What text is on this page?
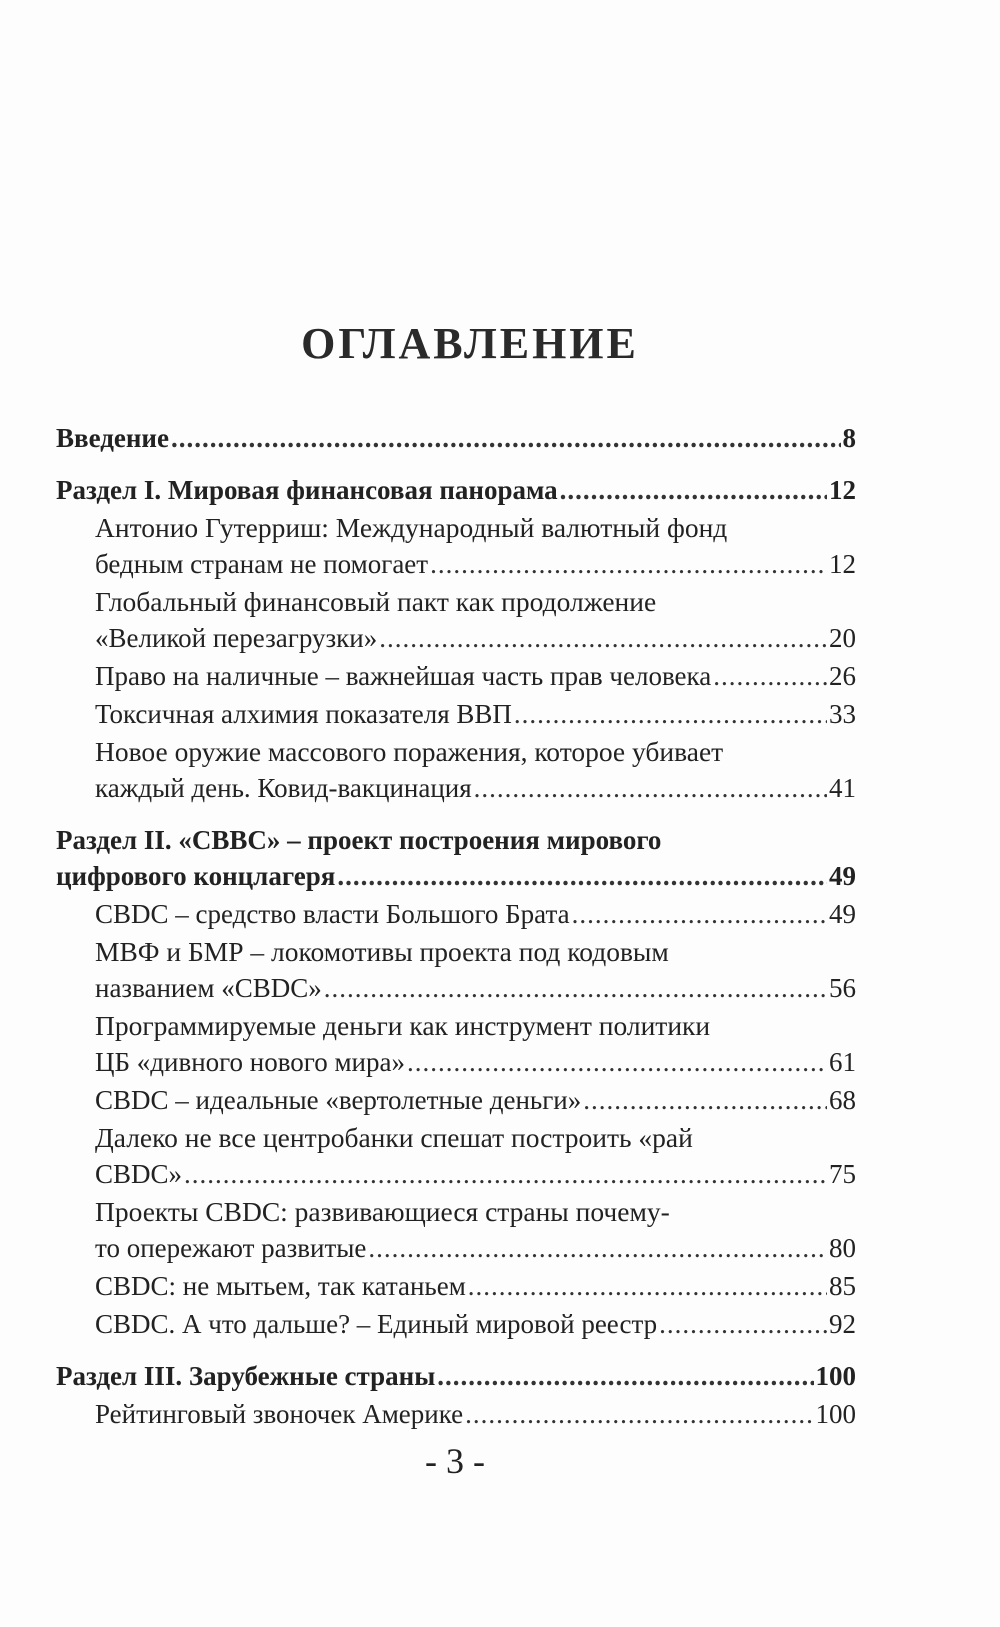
ОГЛАВЛЕНИЕ
Введение .....	8
Раздел I. Мировая финансовая панорама .....	12
Антонио Гутерриш: Международный валютный фонд
бедным странам не помогает .....	12
Глобальный финансовый пакт как продолжение
«Великой перезагрузки» .....	20
Право на наличные – важнейшая часть прав человека .....	26
Токсичная алхимия показателя ВВП .....	33
Новое оружие массового поражения, которое убивает
каждый день. Ковид-вакцинация .....	41
Раздел II. «СВВС» – проект построения мирового
цифрового концлагеря .....	49
СВDС – средство власти Большого Брата .....	49
МВФ и БМР – локомотивы проекта под кодовым
названием «СВDС» .....	56
Программируемые деньги как инструмент политики
ЦБ «дивного нового мира» .....	61
СВDС – идеальные «вертолетные деньги» .....	68
Далеко не все центробанки спешат построить «рай
СВDС» .....	75
Проекты СВDС: развивающиеся страны почему-
то опережают развитые .....	80
СВDС: не мытьем, так катаньем .....	85
СВDС. А что дальше? – Единый мировой реестр .....	92
Раздел III. Зарубежные страны .....	100
Рейтинговый звоночек Америке .....	100
- 3 -
